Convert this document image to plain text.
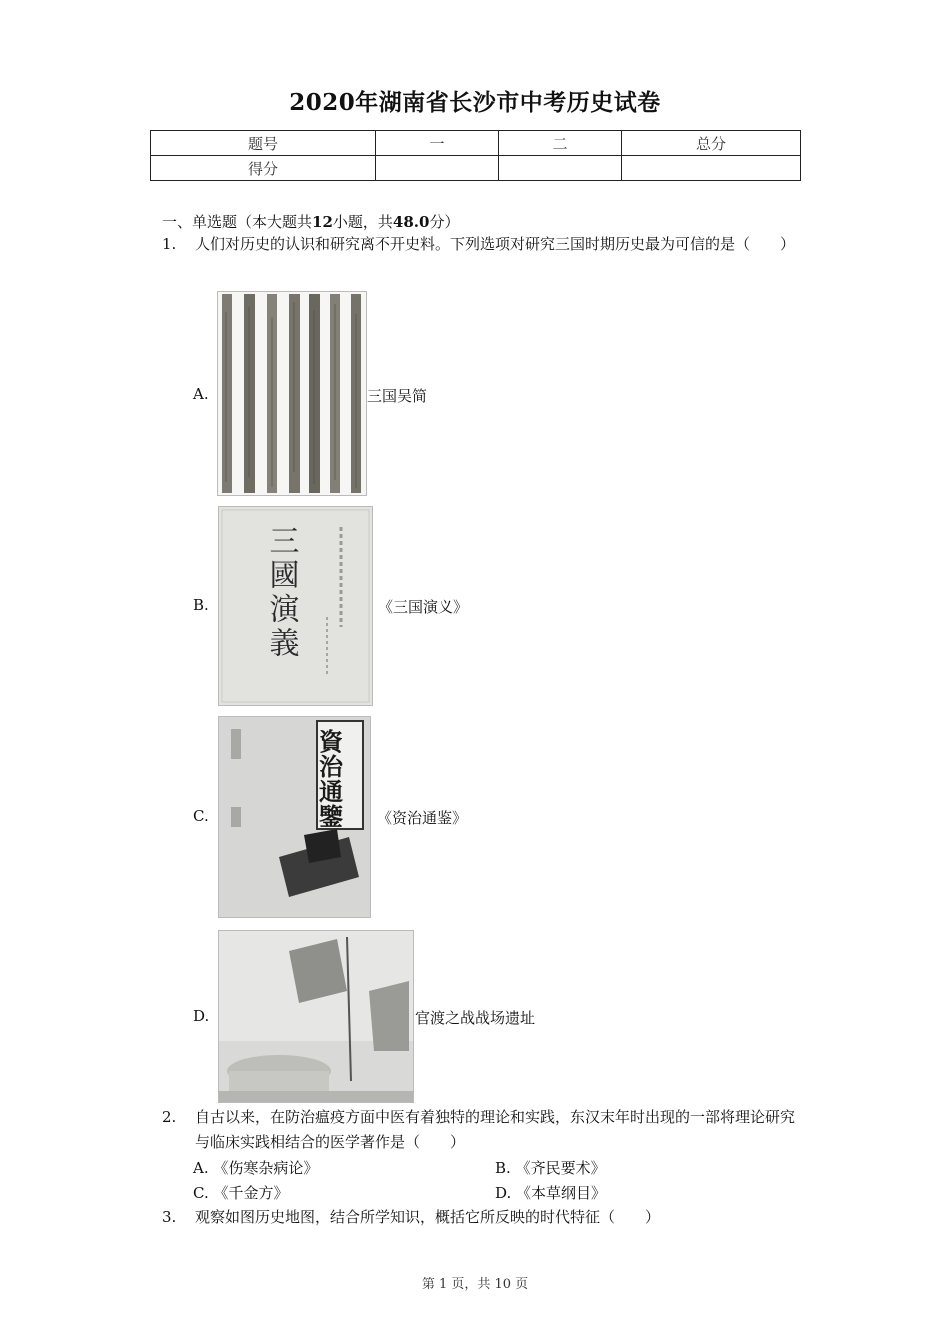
2020年湖南省长沙市中考历史试卷
题号	一	二	总分
得分			
一、单选题（本大题共12小题，共48.0分）
1. 人们对历史的认识和研究离不开史料。下列选项对研究三国时期历史最为可信的是（　　）
A.	三国吴简
B. 三國演義	《三国演义》
C.	資治通鑒 《资治通鉴》
D.	官渡之战战场遗址
2. 自古以来，在防治瘟疫方面中医有着独特的理论和实践，东汉末年时出现的一部将理论研究与临床实践相结合的医学著作是（　　）
A. 《伤寒杂病论》	B. 《齐民要术》
C. 《千金方》	D. 《本草纲目》
3. 观察如图历史地图，结合所学知识，概括它所反映的时代特征（　　）
第 1 页，共 10 页
